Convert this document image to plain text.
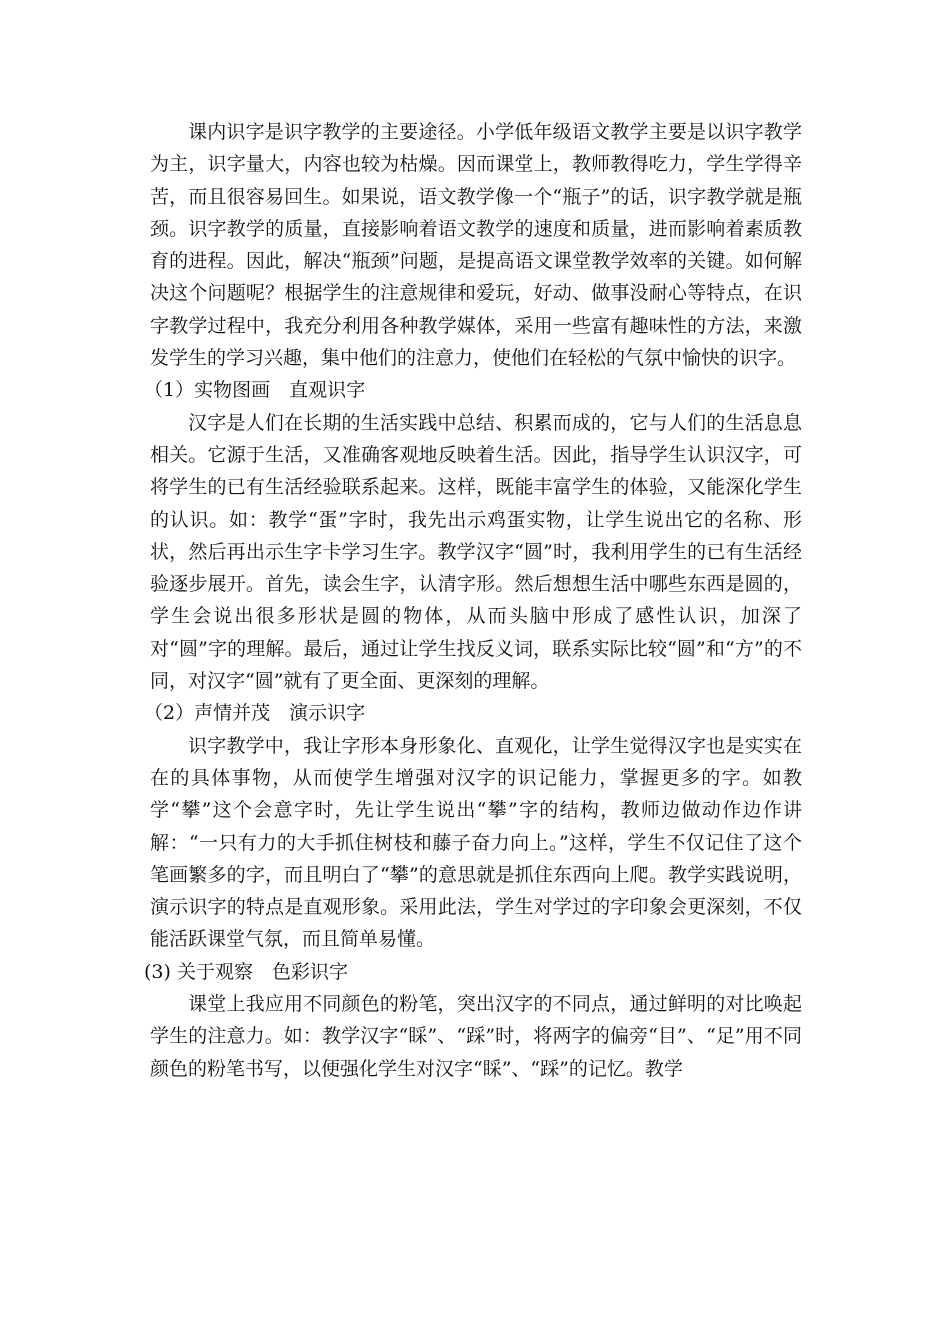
课内识字是识字教学的主要途径。小学低年级语文教学主要是以识字教学为主，识字量大，内容也较为枯燥。因而课堂上，教师教得吃力，学生学得辛苦，而且很容易回生。如果说，语文教学像一个“瓶子”的话，识字教学就是瓶颈。识字教学的质量，直接影响着语文教学的速度和质量，进而影响着素质教育的进程。因此，解决“瓶颈”问题，是提高语文课堂教学效率的关键。如何解决这个问题呢？根据学生的注意规律和爱玩，好动、做事没耐心等特点，在识字教学过程中，我充分利用各种教学媒体，采用一些富有趣味性的方法，来激发学生的学习兴趣，集中他们的注意力，使他们在轻松的气氛中愉快的识字。

（1）实物图画　直观识字

汉字是人们在长期的生活实践中总结、积累而成的，它与人们的生活息息相关。它源于生活，又准确客观地反映着生活。因此，指导学生认识汉字，可将学生的已有生活经验联系起来。这样，既能丰富学生的体验，又能深化学生的认识。如：教学“蛋”字时，我先出示鸡蛋实物，让学生说出它的名称、形状，然后再出示生字卡学习生字。教学汉字“圆”时，我利用学生的已有生活经验逐步展开。首先，读会生字，认清字形。然后想想生活中哪些东西是圆的，学生会说出很多形状是圆的物体，从而头脑中形成了感性认识，加深了对“圆”字的理解。最后，通过让学生找反义词，联系实际比较“圆”和“方”的不同，对汉字“圆”就有了更全面、更深刻的理解。

（2）声情并茂　演示识字

识字教学中，我让字形本身形象化、直观化，让学生觉得汉字也是实实在在的具体事物，从而使学生增强对汉字的识记能力，掌握更多的字。如教学“攀”这个会意字时，先让学生说出“攀”字的结构，教师边做动作边作讲解：“一只有力的大手抓住树枝和藤子奋力向上。”这样，学生不仅记住了这个笔画繁多的字，而且明白了“攀”的意思就是抓住东西向上爬。教学实践说明，演示识字的特点是直观形象。采用此法，学生对学过的字印象会更深刻，不仅能活跃课堂气氛，而且简单易懂。

(3) 关于观察　色彩识字

课堂上我应用不同颜色的粉笔，突出汉字的不同点，通过鲜明的对比唤起学生的注意力。如：教学汉字“睬”、“踩”时，将两字的偏旁“目”、“足”用不同颜色的粉笔书写，以便强化学生对汉字“睬”、“踩”的记忆。教学
